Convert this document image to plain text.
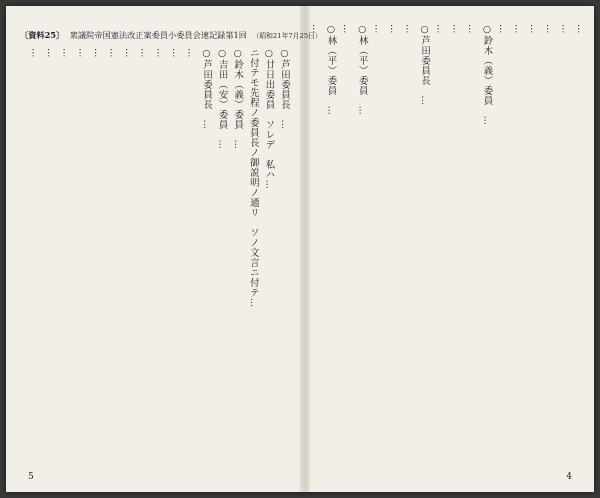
〔資料25〕 衆議院帝国憲法改正案委員小委員会速記録第1回 （昭和21年7月25日）
○芦田委員長　…
○廿日出委員　ソレデ　私ハ…
ニ付テモ先程ノ委員長ノ御説明ノ通リ　ソノ文言ニ付テ…
○鈴木（義）委員　…
○吉田（安）委員　…
○芦田委員長　…
…
…
…
…
…
…
…
…
…
…
…
5
…
…
…
…
…
…
○鈴木（義）委員　…
…
…
…
○芦田委員長　…
…
…
…
○林（平）委員　…
…
○林（平）委員　…
…
4
